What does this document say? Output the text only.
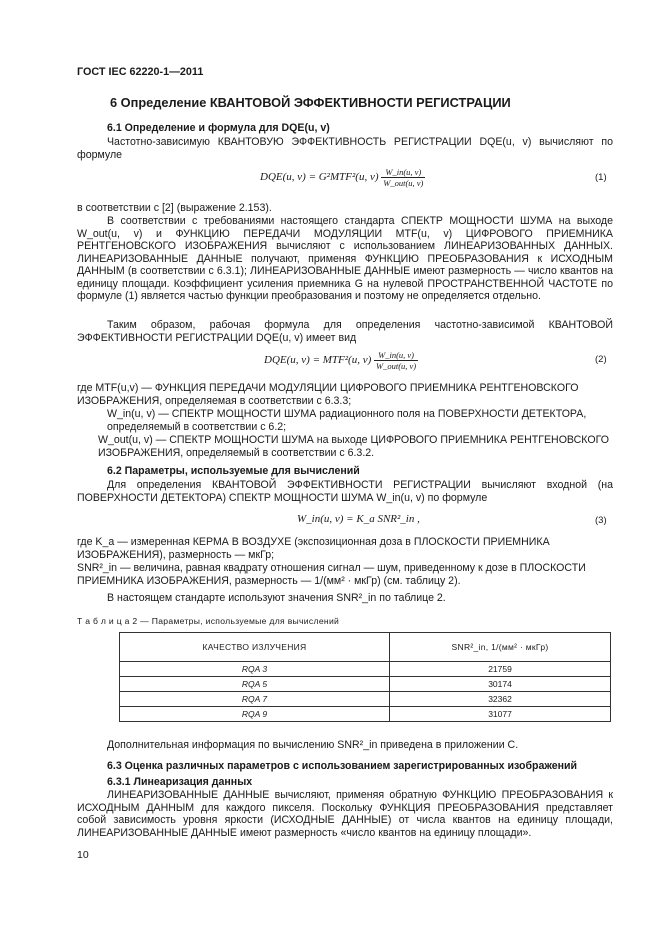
ГОСТ IEC 62220-1—2011
6 Определение КВАНТОВОЙ ЭФФЕКТИВНОСТИ РЕГИСТРАЦИИ
6.1 Определение и формула для DQE(u, v)
Частотно-зависимую КВАНТОВУЮ ЭФФЕКТИВНОСТЬ РЕГИСТРАЦИИ DQE(u, v) вычисляют по формуле
DQE(u, v) = G²MTF²(u, $v) \frac{W\_in(u, v)}{\text{W\_out(u, v)}}$	(1)
в соответствии с [2] (выражение 2.153).
В соответствии с требованиями настоящего стандарта СПЕКТР МОЩНОСТИ ШУМА на выходе W_out(u, v) и ФУНКЦИЮ ПЕРЕДАЧИ МОДУЛЯЦИИ MTF(u, v) ЦИФРОВОГО ПРИЕМНИКА РЕНТГЕНОВСКОГО ИЗОБРАЖЕНИЯ вычисляют с использованием ЛИНЕАРИЗОВАННЫХ ДАННЫХ. ЛИНЕАРИЗОВАННЫЕ ДАННЫЕ получают, применяя ФУНКЦИЮ ПРЕОБРАЗОВАНИЯ к ИСХОДНЫМ ДАННЫМ (в соответствии с 6.3.1); ЛИНЕАРИЗОВАННЫЕ ДАННЫЕ имеют размерность — число квантов на единицу площади. Коэффициент усиления приемника G на нулевой ПРОСТРАНСТВЕННОЙ ЧАСТОТЕ по формуле (1) является частью функции преобразования и поэтому не определяется отдельно.
Таким образом, рабочая формула для определения частотно-зависимой КВАНТОВОЙ ЭФФЕКТИВНОСТИ РЕГИСТРАЦИИ DQE(u, v) имеет вид
DQE(u, v) = MTF²(u, $v) \frac{W\_in(u, v)}{\text{W\_out(u, v)}}$	(2)
где MTF(u,v) — ФУНКЦИЯ ПЕРЕДАЧИ МОДУЛЯЦИИ ЦИФРОВОГО ПРИЕМНИКА РЕНТГЕНОВСКОГО ИЗОБРАЖЕНИЯ, определяемая в соответствии с 6.3.3;
W_in(u, v) — СПЕКТР МОЩНОСТИ ШУМА радиационного поля на ПОВЕРХНОСТИ ДЕТЕКТОРА, определяемый в соответствии с 6.2;
W_out(u, v) — СПЕКТР МОЩНОСТИ ШУМА на выходе ЦИФРОВОГО ПРИЕМНИКА РЕНТГЕНОВСКОГО ИЗОБРАЖЕНИЯ, определяемый в соответствии с 6.3.2.
6.2 Параметры, используемые для вычислений
Для определения КВАНТОВОЙ ЭФФЕКТИВНОСТИ РЕГИСТРАЦИИ вычисляют входной (на ПОВЕРХНОСТИ ДЕТЕКТОРА) СПЕКТР МОЩНОСТИ ШУМА W_in(u, v) по формуле
W_in(u, v) = K_a SNR²_in ,	(3)
где K_a — измеренная КЕРМА В ВОЗДУХЕ (экспозиционная доза в ПЛОСКОСТИ ПРИЕМНИКА ИЗОБРАЖЕНИЯ), размерность — мкГр;
SNR²_in — величина, равная квадрату отношения сигнал — шум, приведенному к дозе в ПЛОСКОСТИ ПРИЕМНИКА ИЗОБРАЖЕНИЯ, размерность — 1/(мм² · мкГр) (см. таблицу 2).
В настоящем стандарте используют значения SNR²_in по таблице 2.
Т а б л и ц а 2 — Параметры, используемые для вычислений
КАЧЕСТВО ИЗЛУЧЕНИЯ	SNR²_in, 1/(мм² · мкГр)
RQA 3	21759
RQA 5	30174
RQA 7	32362
RQA 9	31077
Дополнительная информация по вычислению SNR²_in приведена в приложении С.
6.3 Оценка различных параметров с использованием зарегистрированных изображений
6.3.1 Линеаризация данных
ЛИНЕАРИЗОВАННЫЕ ДАННЫЕ вычисляют, применяя обратную ФУНКЦИЮ ПРЕОБРАЗОВАНИЯ к ИСХОДНЫМ ДАННЫМ для каждого пикселя. Поскольку ФУНКЦИЯ ПРЕОБРАЗОВАНИЯ представляет собой зависимость уровня яркости (ИСХОДНЫЕ ДАННЫЕ) от числа квантов на единицу площади, ЛИНЕАРИЗОВАННЫЕ ДАННЫЕ имеют размерность «число квантов на единицу площади».
10
